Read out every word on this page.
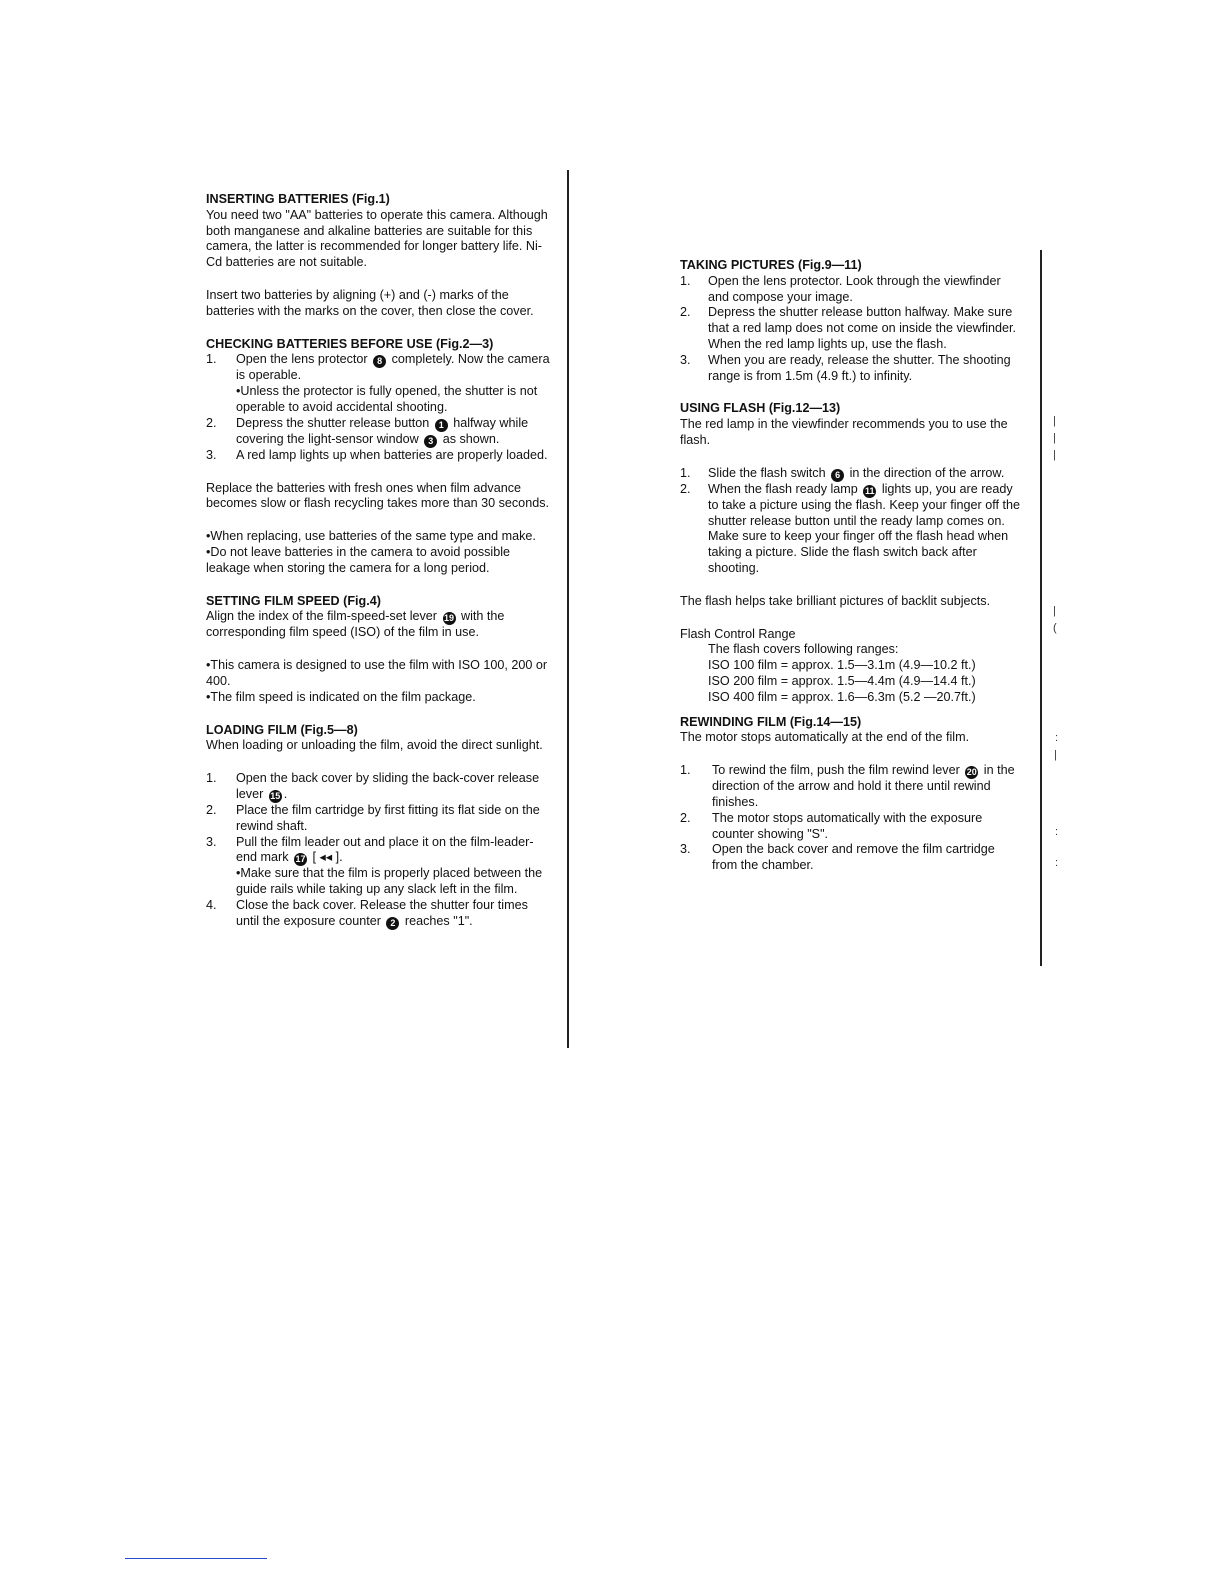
|
|
|
|
(
:
|
:
:

INSERTING BATTERIES (Fig.1)

You need two "AA" batteries to operate this camera. Although both manganese and alkaline batteries are suitable for this camera, the latter is recommended for longer battery life. Ni-Cd batteries are not suitable.

Insert two batteries by aligning (+) and (-) marks of the batteries with the marks on the cover, then close the cover.

CHECKING BATTERIES BEFORE USE (Fig.2—3)

1. Open the lens protector 8 completely. Now the camera is operable.
•Unless the protector is fully opened, the shutter is not operable to avoid accidental shooting.
2. Depress the shutter release button 1 halfway while covering the light-sensor window 3 as shown.
3. A red lamp lights up when batteries are properly loaded.

Replace the batteries with fresh ones when film advance becomes slow or flash recycling takes more than 30 seconds.

•When replacing, use batteries of the same type and make.

•Do not leave batteries in the camera to avoid possible leakage when storing the camera for a long period.

SETTING FILM SPEED (Fig.4)

Align the index of the film-speed-set lever 19 with the corresponding film speed (ISO) of the film in use.

•This camera is designed to use the film with ISO 100, 200 or 400.

•The film speed is indicated on the film package.

LOADING FILM (Fig.5—8)

When loading or unloading the film, avoid the direct sunlight.

1. Open the back cover by sliding the back-cover release lever 15 .
2. Place the film cartridge by first fitting its flat side on the rewind shaft.
3. Pull the film leader out and place it on the film-leader-end mark 17 [ ◂◂ ].
•Make sure that the film is properly placed between the guide rails while taking up any slack left in the film.
4. Close the back cover. Release the shutter four times until the exposure counter 2 reaches "1".

TAKING PICTURES (Fig.9—11)

1. Open the lens protector. Look through the viewfinder and compose your image.
2. Depress the shutter release button halfway. Make sure that a red lamp does not come on inside the viewfinder. When the red lamp lights up, use the flash.
3. When you are ready, release the shutter. The shooting range is from 1.5m (4.9 ft.) to infinity.

USING FLASH (Fig.12—13)

The red lamp in the viewfinder recommends you to use the flash.

1. Slide the flash switch 6 in the direction of the arrow.
2. When the flash ready lamp 11 lights up, you are ready to take a picture using the flash. Keep your finger off the shutter release button until the ready lamp comes on. Make sure to keep your finger off the flash head when taking a picture. Slide the flash switch back after shooting.

The flash helps take brilliant pictures of backlit subjects.

Flash Control Range

The flash covers following ranges:

ISO 100 film = approx. 1.5—3.1m (4.9—10.2 ft.)

ISO 200 film = approx. 1.5—4.4m (4.9—14.4 ft.)

ISO 400 film = approx. 1.6—6.3m (5.2 —20.7ft.)

REWINDING FILM (Fig.14—15)

The motor stops automatically at the end of the film.

1. To rewind the film, push the film rewind lever 20 in the direction of the arrow and hold it there until rewind finishes.
2. The motor stops automatically with the exposure counter showing "S".
3. Open the back cover and remove the film cartridge from the chamber.
